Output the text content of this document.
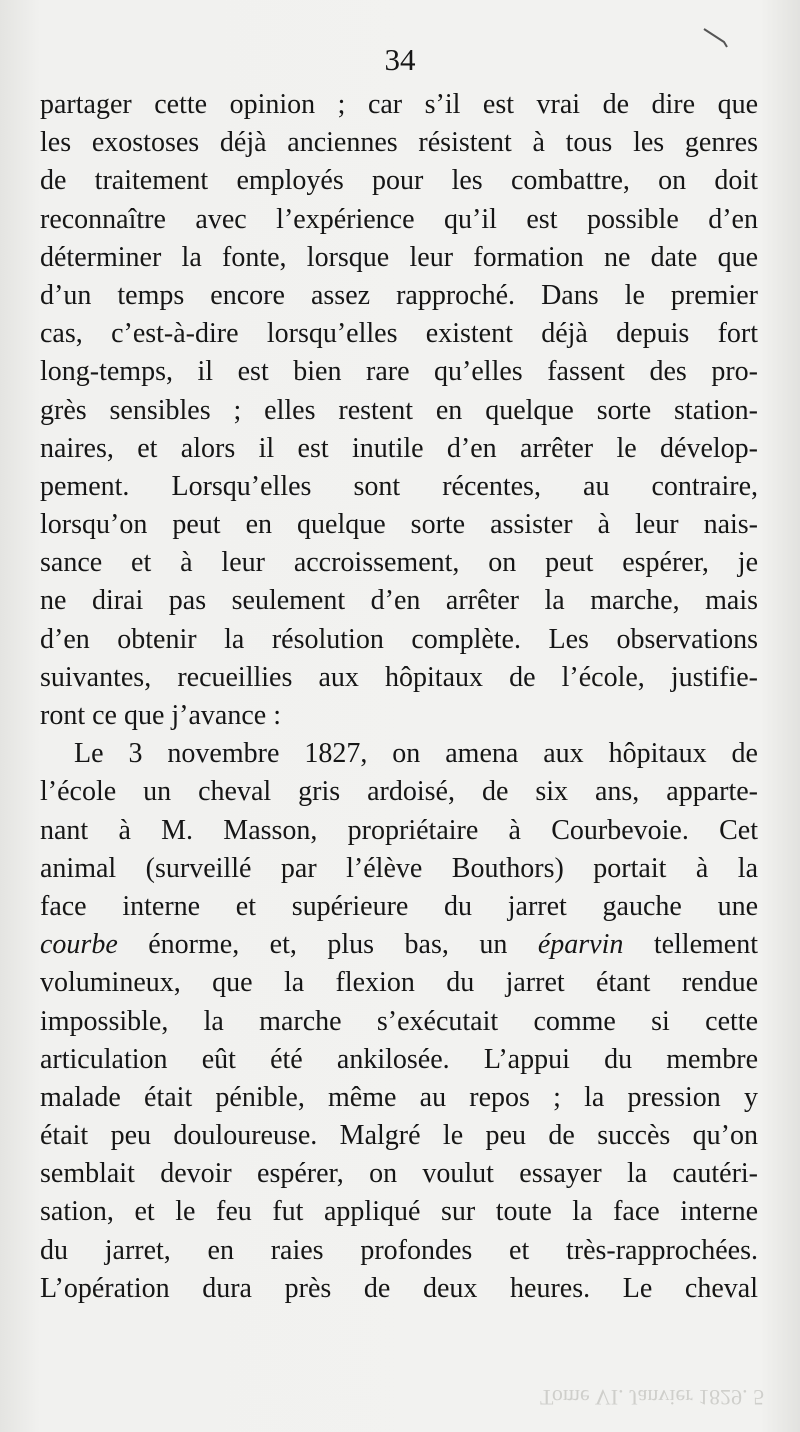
34
partager cette opinion ; car s’il est vrai de dire que
les exostoses déjà anciennes résistent à tous les genres
de traitement employés pour les combattre, on doit
reconnaître avec l’expérience qu’il est possible d’en
déterminer la fonte, lorsque leur formation ne date que
d’un temps encore assez rapproché. Dans le premier
cas, c’est-à-dire lorsqu’elles existent déjà depuis fort
long-temps, il est bien rare qu’elles fassent des pro-
grès sensibles ; elles restent en quelque sorte station-
naires, et alors il est inutile d’en arrêter le dévelop-
pement. Lorsqu’elles sont récentes, au contraire,
lorsqu’on peut en quelque sorte assister à leur nais-
sance et à leur accroissement, on peut espérer, je
ne dirai pas seulement d’en arrêter la marche, mais
d’en obtenir la résolution complète. Les observations
suivantes, recueillies aux hôpitaux de l’école, justifie-
ront ce que j’avance :
Le 3 novembre 1827, on amena aux hôpitaux de
l’école un cheval gris ardoisé, de six ans, apparte-
nant à M. Masson, propriétaire à Courbevoie. Cet
animal (surveillé par l’élève Bouthors) portait à la
face interne et supérieure du jarret gauche une
courbe énorme, et, plus bas, un éparvin tellement
volumineux, que la flexion du jarret étant rendue
impossible, la marche s’exécutait comme si cette
articulation eût été ankilosée. L’appui du membre
malade était pénible, même au repos ; la pression y
était peu douloureuse. Malgré le peu de succès qu’on
semblait devoir espérer, on voulut essayer la cautéri-
sation, et le feu fut appliqué sur toute la face interne
du jarret, en raies profondes et très-rapprochées.
L’opération dura près de deux heures. Le cheval
Tome VI. Janvier 1829. 5
